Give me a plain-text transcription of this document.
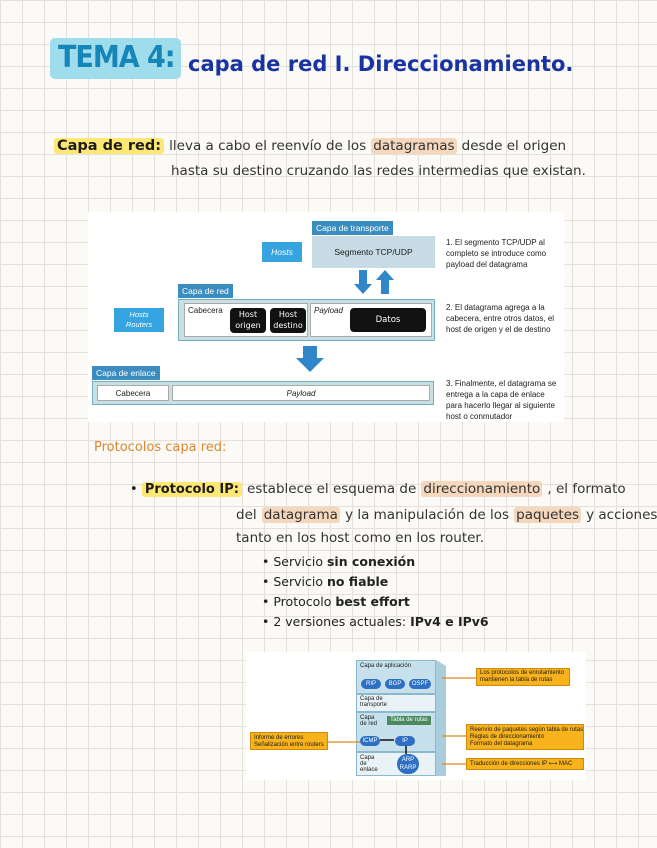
TEMA 4: capa de red I. Direccionamiento.
Capa de red: lleva a cabo el reenvío de los datagramas desde el origen
hasta su destino cruzando las redes intermedias que existan.
Capa de transporte
Segmento TCP/UDP
Hosts
Capa de red
Cabecera	Host
origen
Host
destino
Payload
Datos
Hosts
Routers
Capa de enlace
Cabecera	Payload
1. El segmento TCP/UDP al completo se introduce como payload del datagrama
2. El datagrama agrega a la cabecera, entre otros datos, el host de origen y el de destino
3. Finalmente, el datagrama se entrega a la capa de enlace para hacerlo llegar al siguiente host o conmutador
Protocolos capa red:
• Protocolo IP: establece el esquema de direccionamiento , el formato
del datagrama y la manipulación de los paquetes y acciones
tanto en los host como en los router.
• Servicio sin conexión
• Servicio no fiable
• Protocolo best effort
• 2 versiones actuales: IPv4 e IPv6
Capa de aplicación
RIP	BGP	OSPF
Capa de transporte
Capa de red
Tabla de rutas
ICMP	IP
Capa de enlace
ARP
RARP
Los protocolos de enrutamiento mantienen la tabla de rutas
Informe de errores
Señalización entre routers
Reenvío de paquetes según tabla de rutas
Reglas de direccionamiento
Formato del datagrama
Traducción de direcciones IP ⟷ MAC
